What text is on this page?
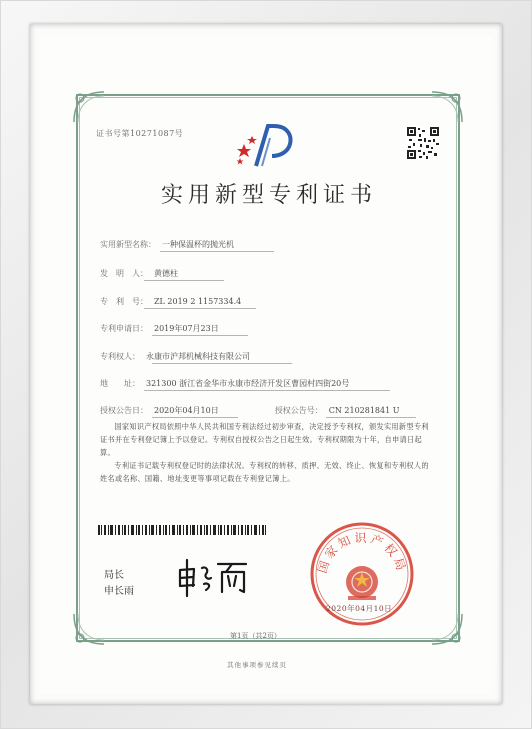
证书号第10271087号
实用新型专利证书
实用新型名称： 一种保温杯的抛光机
发　明　人： 黄德柱
专　利　号： ZL 2019 2 1157334.4
专利申请日： 2019年07月23日
专利权人： 永康市沪邦机械科技有限公司
地　　址： 321300 浙江省金华市永康市经济开发区曹园村四街20号
授权公告日： 2020年04月10日	授权公告号： CN 210281841 U
国家知识产权局依照中华人民共和国专利法经过初步审查，决定授予专利权，颁发实用新型专利证书并在专利登记簿上予以登记。专利权自授权公告之日起生效。专利权期限为十年，自申请日起算。
专利证书记载专利权登记时的法律状况。专利权的转移、质押、无效、终止、恢复和专利权人的姓名或名称、国籍、地址变更等事项记载在专利登记簿上。
局长
申长雨
国家知识产权局
2020年04月10日
第1页（共2页）
其他事项参见续页
